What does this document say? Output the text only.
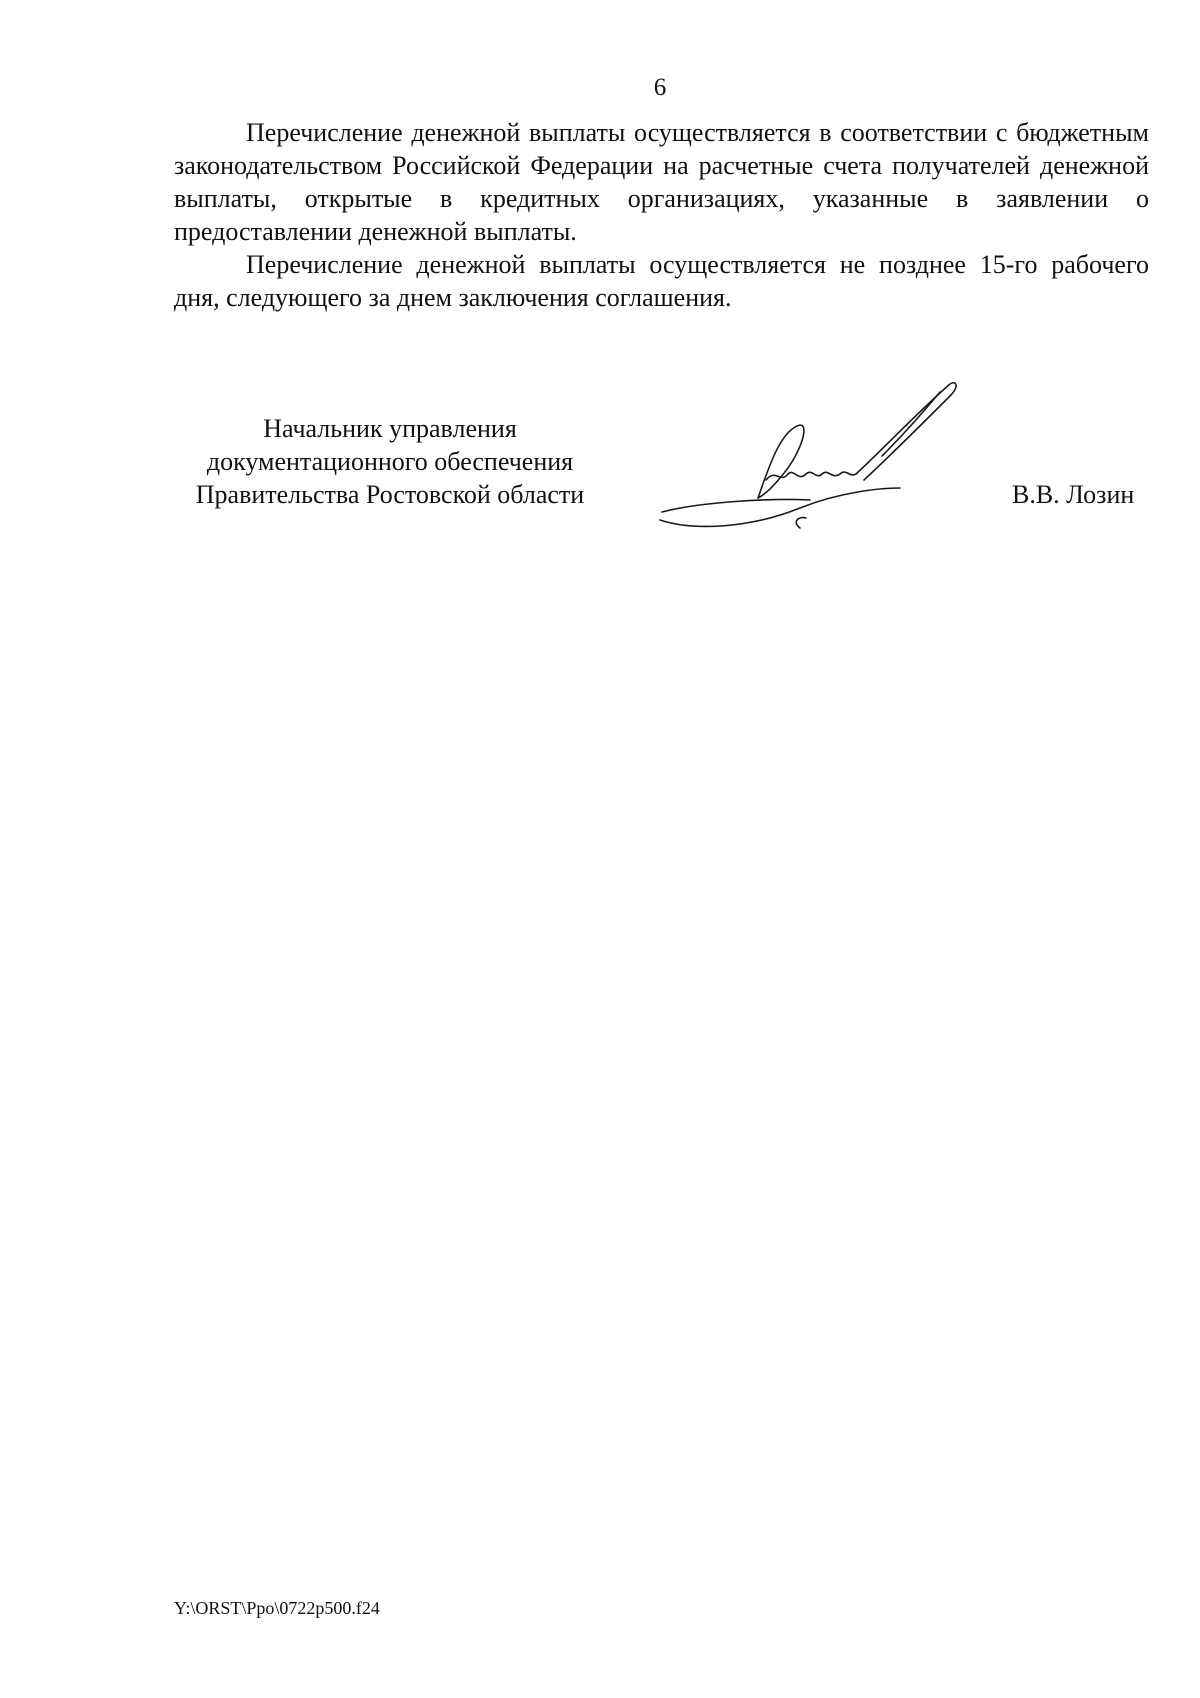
6

Перечисление денежной выплаты осуществляется в соответствии с бюджетным законодательством Российской Федерации на расчетные счета получателей денежной выплаты, открытые в кредитных организациях, указанные в заявлении о предоставлении денежной выплаты.

Перечисление денежной выплаты осуществляется не позднее 15-го рабочего дня, следующего за днем заключения соглашения.

Начальник управления
документационного обеспечения
Правительства Ростовской области	В.В. Лозин
Y:\ORST\Ppo\0722p500.f24
